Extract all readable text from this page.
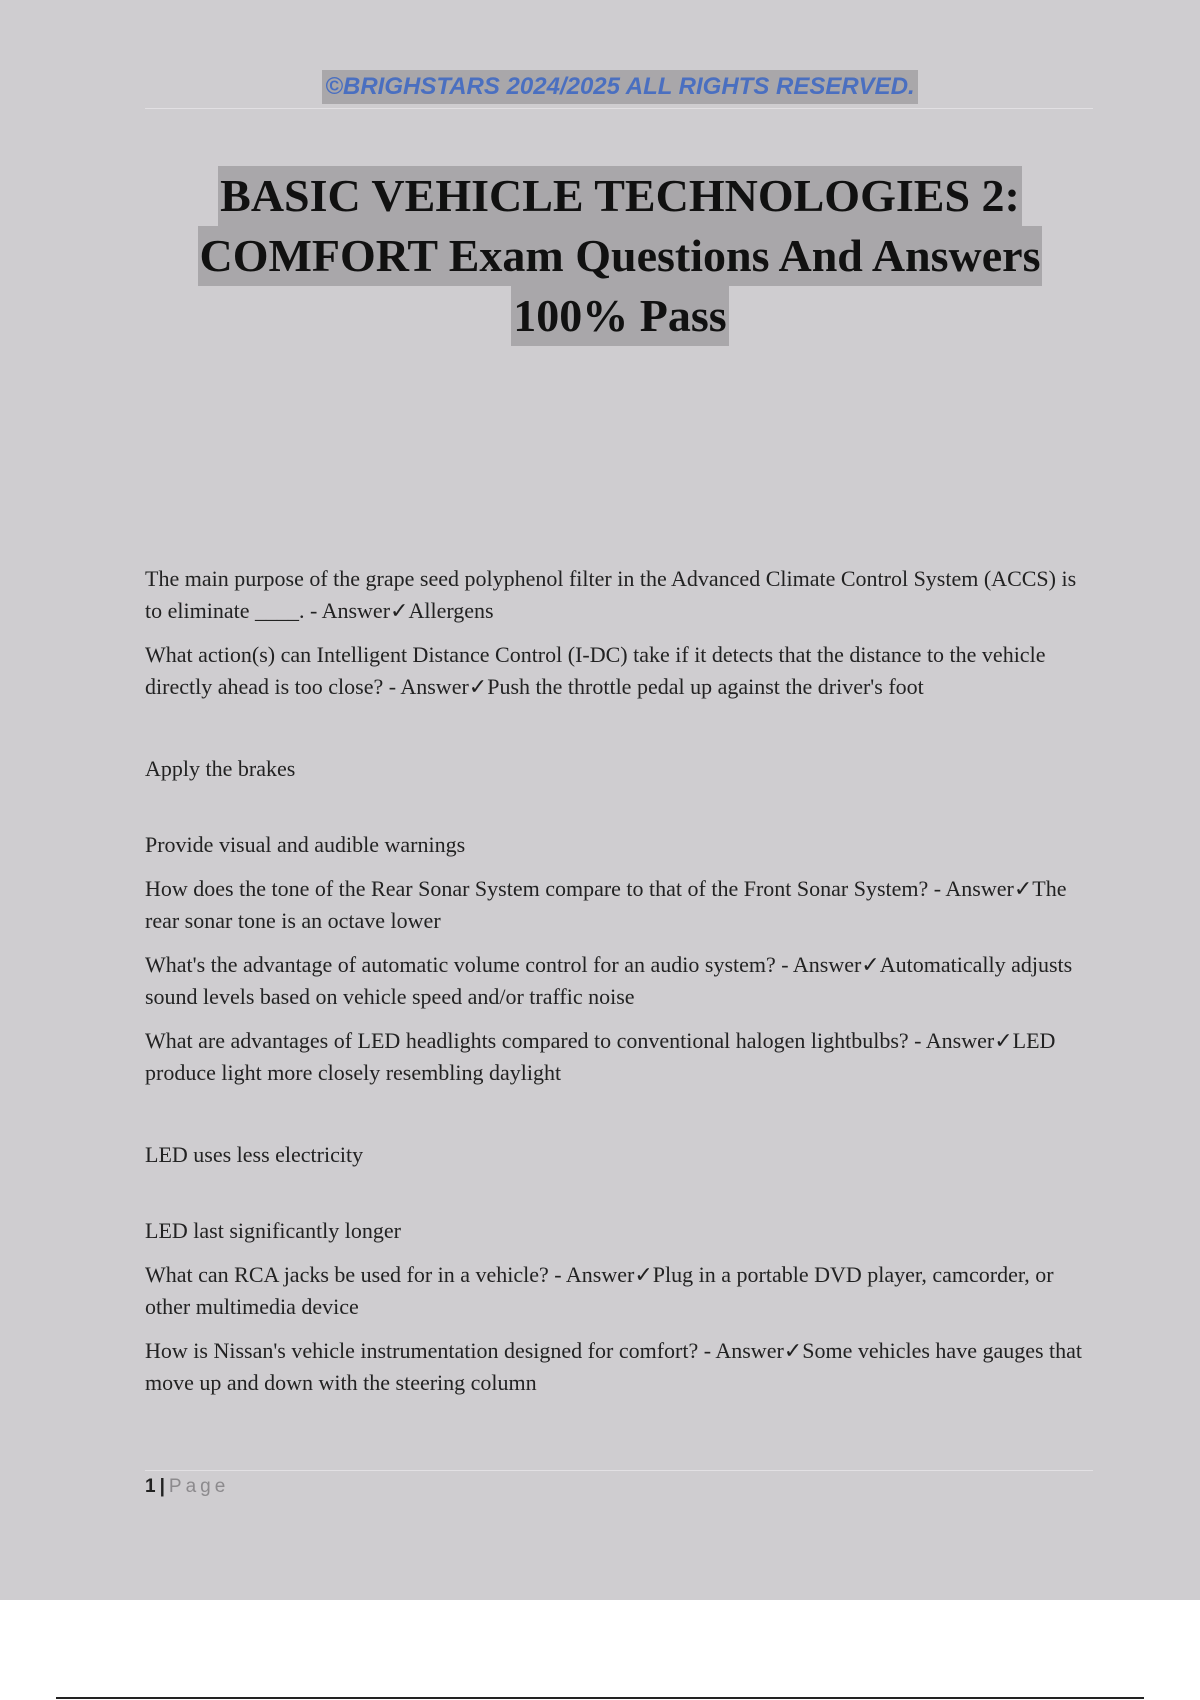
©BRIGHSTARS 2024/2025 ALL RIGHTS RESERVED.
BASIC VEHICLE TECHNOLOGIES 2:
COMFORT Exam Questions And Answers
100% Pass

The main purpose of the grape seed polyphenol filter in the Advanced Climate Control System (ACCS) is to eliminate ____. - Answer✓Allergens

What action(s) can Intelligent Distance Control (I-DC) take if it detects that the distance to the vehicle directly ahead is too close? - Answer✓Push the throttle pedal up against the driver's foot

Apply the brakes

Provide visual and audible warnings

How does the tone of the Rear Sonar System compare to that of the Front Sonar System? - Answer✓The rear sonar tone is an octave lower

What's the advantage of automatic volume control for an audio system? - Answer✓Automatically adjusts sound levels based on vehicle speed and/or traffic noise

What are advantages of LED headlights compared to conventional halogen lightbulbs? - Answer✓LED produce light more closely resembling daylight

LED uses less electricity

LED last significantly longer

What can RCA jacks be used for in a vehicle? - Answer✓Plug in a portable DVD player, camcorder, or other multimedia device

How is Nissan's vehicle instrumentation designed for comfort? - Answer✓Some vehicles have gauges that move up and down with the steering column

1 | Page
